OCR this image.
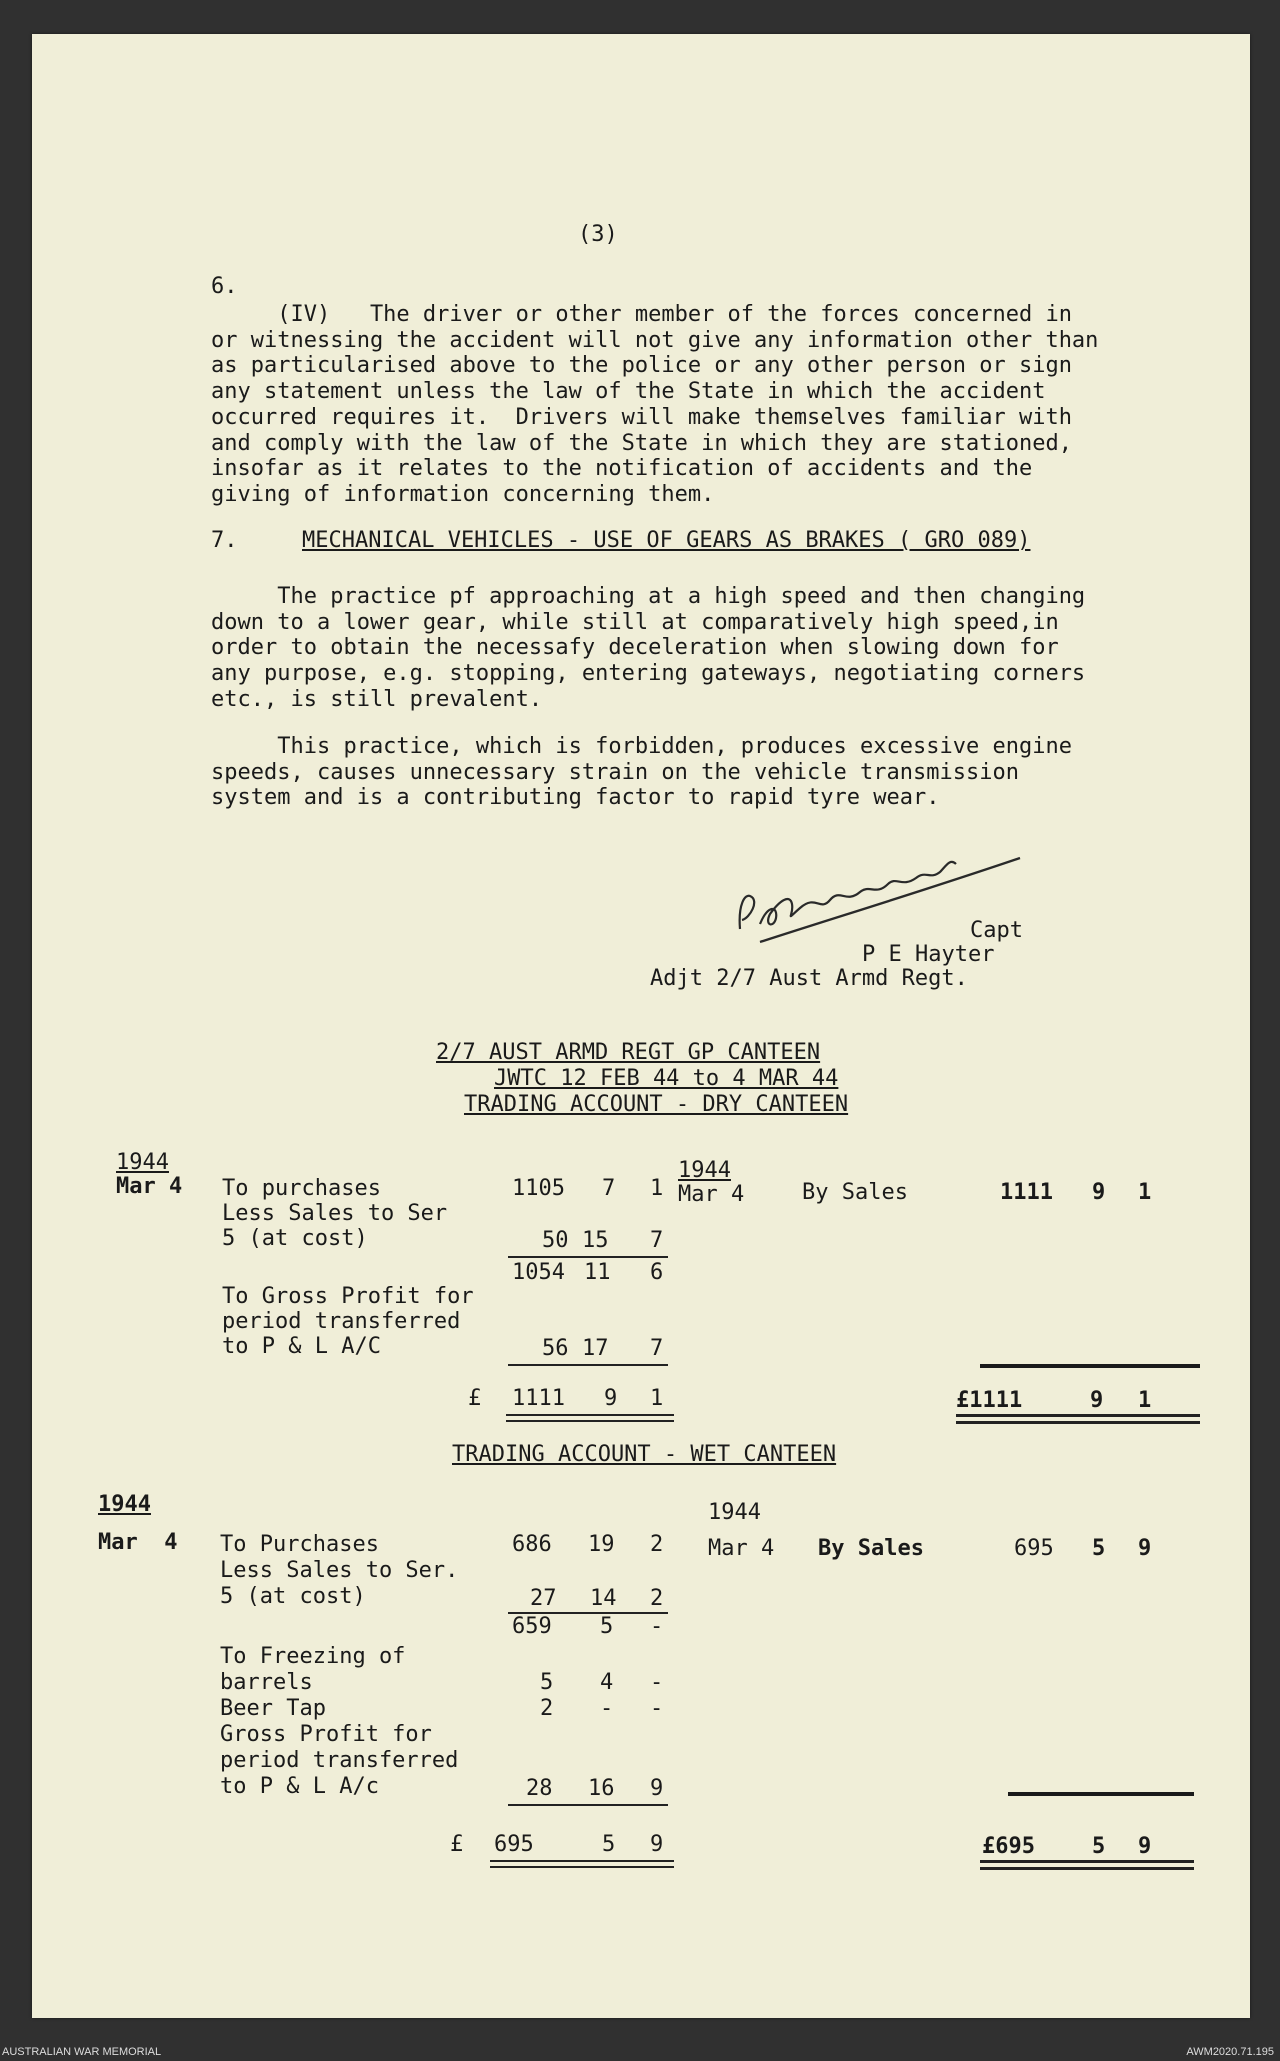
(3)
6.
(IV)   The driver or other member of the forces concerned in
or witnessing the accident will not give any information other than
as particularised above to the police or any other person or sign
any statement unless the law of the State in which the accident
occurred requires it.  Drivers will make themselves familiar with
and comply with the law of the State in which they are stationed,
insofar as it relates to the notification of accidents and the
giving of information concerning them.
7.	MECHANICAL VEHICLES - USE OF GEARS AS BRAKES ( GRO 089)
The practice pf approaching at a high speed and then changing
down to a lower gear, while still at comparatively high speed,in
order to obtain the necessafy deceleration when slowing down for
any purpose, e.g. stopping, entering gateways, negotiating corners
etc., is still prevalent.
This practice, which is forbidden, produces excessive engine
speeds, causes unnecessary strain on the vehicle transmission
system and is a contributing factor to rapid tyre wear.
Capt
P E Hayter
Adjt 2/7 Aust Armd Regt.
2/7 AUST ARMD REGT GP CANTEEN
JWTC 12 FEB 44 to 4 MAR 44
TRADING ACCOUNT - DRY CANTEEN
1944
Mar 4 To purchases	1105 7 1
Less Sales to Ser
5 (at cost)	50 15 7
1054 11 6
To Gross Profit for
period transferred
to P & L A/C	56 17 7
£ 1111 9 1
1944
Mar 4	By Sales	1111 9 1
£1111	9 1
TRADING ACCOUNT - WET CANTEEN
1944
Mar  4 To Purchases	686 19 2
Less Sales to Ser.
5 (at cost)	27 14 2
659 5 -
To Freezing of
barrels	5 4 -
Beer Tap	2 - -
Gross Profit for
period transferred
to P & L A/c	28 16 9
£ 695	5 9
1944
Mar 4 By Sales	695 5 9
£695	5 9
AUSTRALIAN WAR MEMORIAL	AWM2020.71.195
